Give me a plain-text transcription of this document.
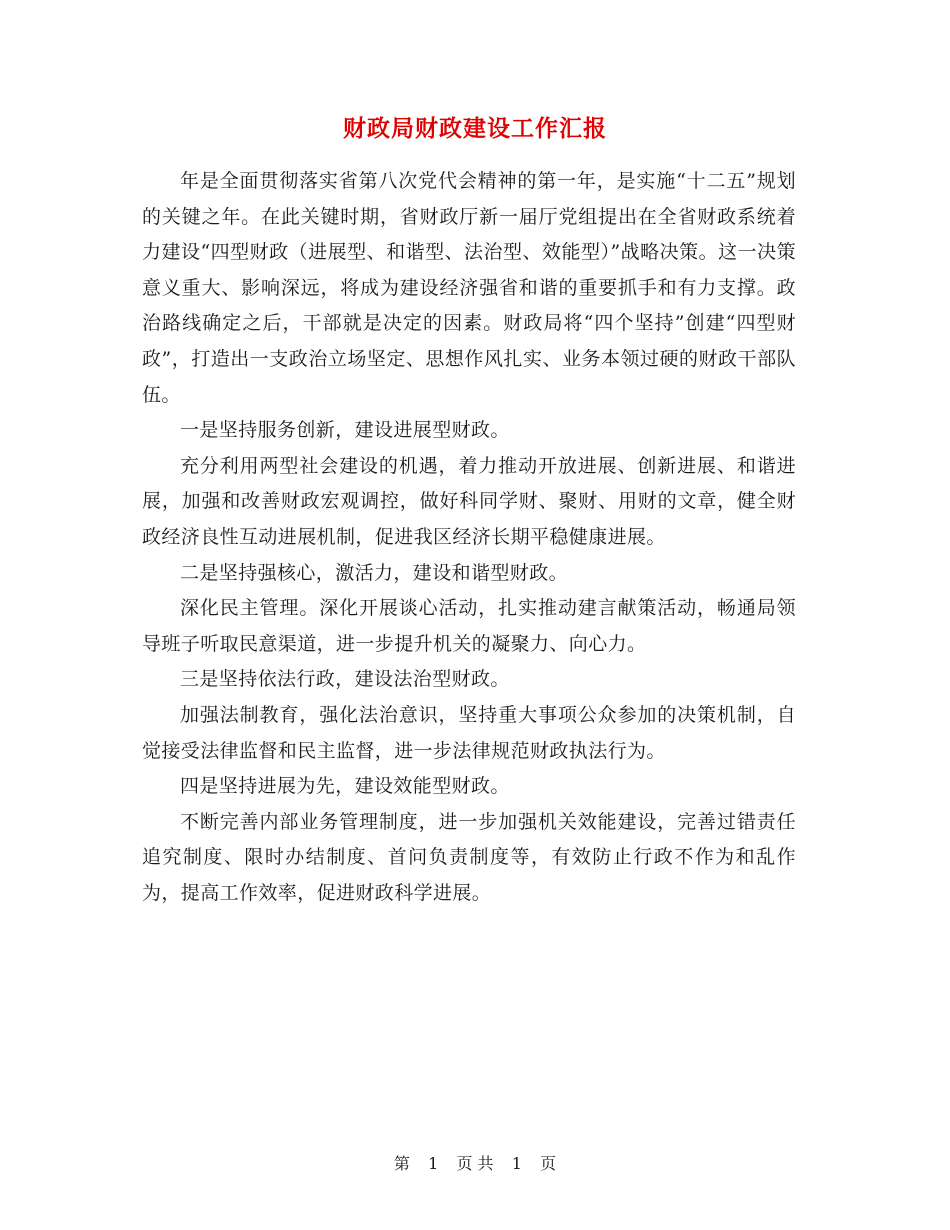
财政局财政建设工作汇报

年是全面贯彻落实省第八次党代会精神的第一年，是实施“十二五”规划的关键之年。在此关键时期，省财政厅新一届厅党组提出在全省财政系统着力建设“四型财政（进展型、和谐型、法治型、效能型）”战略决策。这一决策意义重大、影响深远，将成为建设经济强省和谐的重要抓手和有力支撑。政治路线确定之后，干部就是决定的因素。财政局将“四个坚持”创建“四型财政”，打造出一支政治立场坚定、思想作风扎实、业务本领过硬的财政干部队伍。

一是坚持服务创新，建设进展型财政。

充分利用两型社会建设的机遇，着力推动开放进展、创新进展、和谐进展，加强和改善财政宏观调控，做好科同学财、聚财、用财的文章，健全财政经济良性互动进展机制，促进我区经济长期平稳健康进展。

二是坚持强核心，激活力，建设和谐型财政。

深化民主管理。深化开展谈心活动，扎实推动建言献策活动，畅通局领导班子听取民意渠道，进一步提升机关的凝聚力、向心力。

三是坚持依法行政，建设法治型财政。

加强法制教育，强化法治意识，坚持重大事项公众参加的决策机制，自觉接受法律监督和民主监督，进一步法律规范财政执法行为。

四是坚持进展为先，建设效能型财政。

不断完善内部业务管理制度，进一步加强机关效能建设，完善过错责任追究制度、限时办结制度、首问负责制度等，有效防止行政不作为和乱作为，提高工作效率，促进财政科学进展。

第 1 页 共 1 页
